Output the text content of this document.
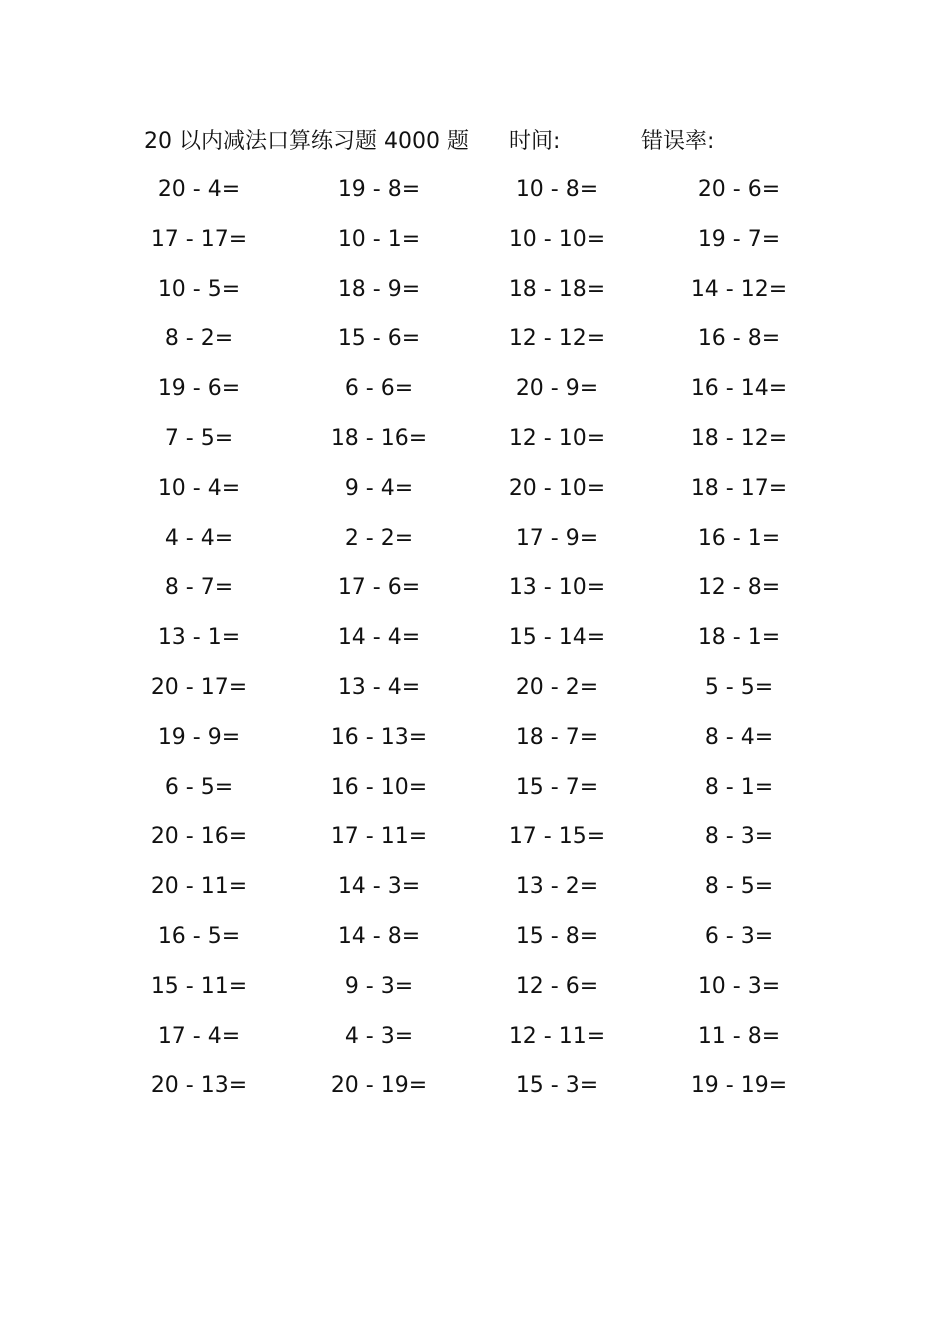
20 以内减法口算练习题 4000 题 时间:	错误率:
20 - 4=	19 - 8=	10 - 8=	20 - 6=
17 - 17=	10 - 1=	10 - 10=	19 - 7=
10 - 5=	18 - 9=	18 - 18=	14 - 12=
8 - 2=	15 - 6=	12 - 12=	16 - 8=
19 - 6=	6 - 6=	20 - 9=	16 - 14=
7 - 5=	18 - 16=	12 - 10=	18 - 12=
10 - 4=	9 - 4=	20 - 10=	18 - 17=
4 - 4=	2 - 2=	17 - 9=	16 - 1=
8 - 7=	17 - 6=	13 - 10=	12 - 8=
13 - 1=	14 - 4=	15 - 14=	18 - 1=
20 - 17=	13 - 4=	20 - 2=	5 - 5=
19 - 9=	16 - 13=	18 - 7=	8 - 4=
6 - 5=	16 - 10=	15 - 7=	8 - 1=
20 - 16=	17 - 11=	17 - 15=	8 - 3=
20 - 11=	14 - 3=	13 - 2=	8 - 5=
16 - 5=	14 - 8=	15 - 8=	6 - 3=
15 - 11=	9 - 3=	12 - 6=	10 - 3=
17 - 4=	4 - 3=	12 - 11=	11 - 8=
20 - 13=	20 - 19=	15 - 3=	19 - 19=
